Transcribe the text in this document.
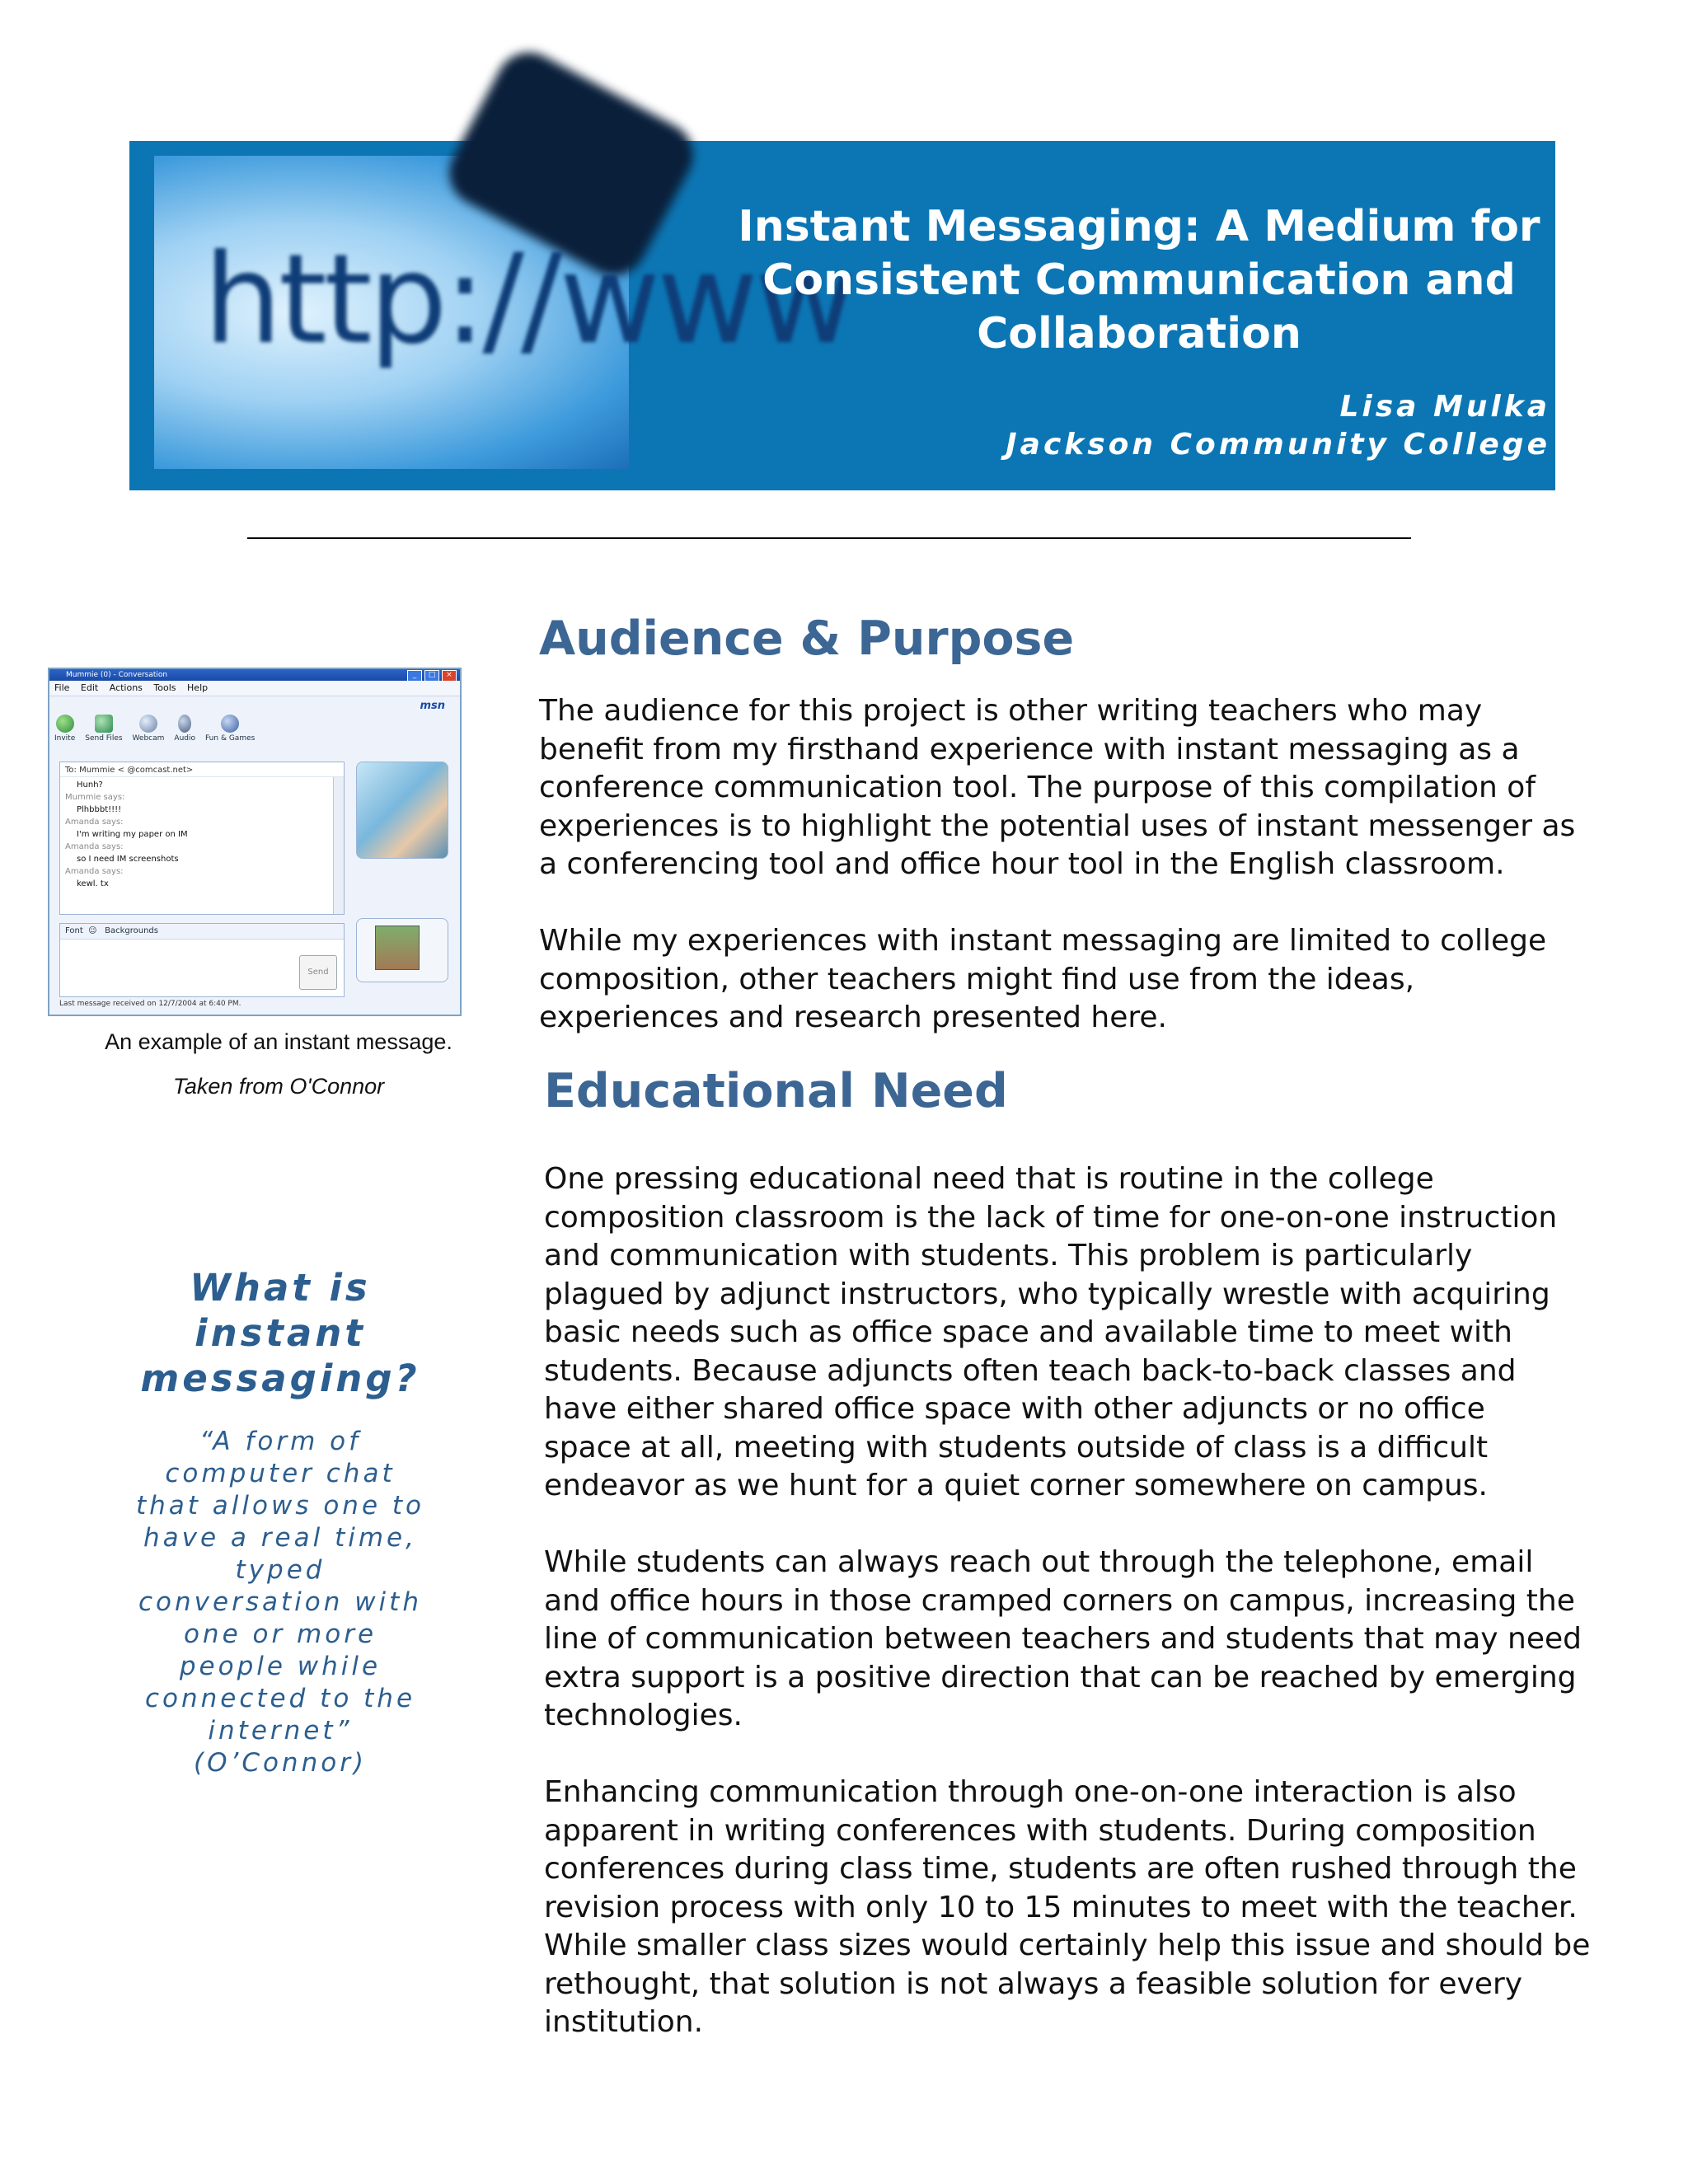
http://www
Instant Messaging: A Medium for
Consistent Communication and
Collaboration
Lisa Mulka
Jackson Community College
Mummie (0) - Conversation	_	□	×
File Edit Actions Tools Help
Invite Send Files Webcam Audio Fun & Games
msn
To: Mummie < @comcast.net>
Hunh?
Mummie says:
Plhbbbt!!!!
Amanda says:
I'm writing my paper on IM
Amanda says:
so I need IM screenshots
Amanda says:
kewl. tx
Font  ☺   Backgrounds
Send
Last message received on 12/7/2004 at 6:40 PM.
An example of an instant message.
Taken from O'Connor
What is instant messaging?

“A form of computer chat that allows one to have a real time, typed conversation with one or more people while connected to the internet” (O’Connor)

Audience & Purpose

The audience for this project is other writing teachers who may
benefit from my firsthand experience with instant messaging as a
conference communication tool. The purpose of this compilation of
experiences is to highlight the potential uses of instant messenger as
a conferencing tool and office hour tool in the English classroom.

While my experiences with instant messaging are limited to college
composition, other teachers might find use from the ideas,
experiences and research presented here.

Educational Need

One pressing educational need that is routine in the college
composition classroom is the lack of time for one-on-one instruction
and communication with students. This problem is particularly
plagued by adjunct instructors, who typically wrestle with acquiring
basic needs such as office space and available time to meet with
students. Because adjuncts often teach back-to-back classes and
have either shared office space with other adjuncts or no office
space at all, meeting with students outside of class is a difficult
endeavor as we hunt for a quiet corner somewhere on campus.

While students can always reach out through the telephone, email
and office hours in those cramped corners on campus, increasing the
line of communication between teachers and students that may need
extra support is a positive direction that can be reached by emerging
technologies.

Enhancing communication through one-on-one interaction is also
apparent in writing conferences with students. During composition
conferences during class time, students are often rushed through the
revision process with only 10 to 15 minutes to meet with the teacher.
While smaller class sizes would certainly help this issue and should be
rethought, that solution is not always a feasible solution for every
institution.
